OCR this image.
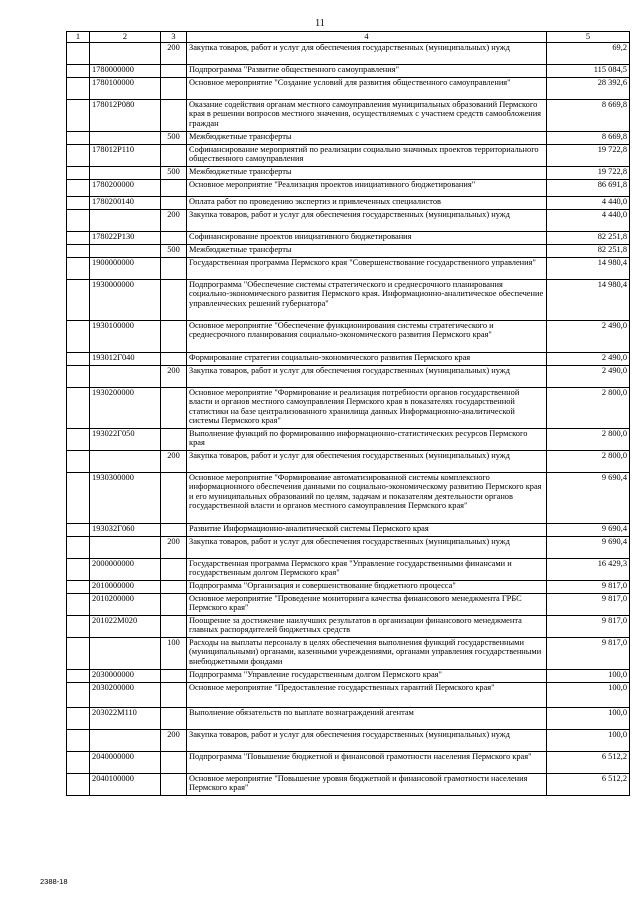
11
1	2	3	4	5
		200	Закупка товаров, работ и услуг для обеспечения государственных (муниципальных) нужд	69,2
	1780000000		Подпрограмма "Развитие общественного самоуправления"	115 084,5
	1780100000		Основное мероприятие "Создание условий для развития общественного самоуправления"	28 392,6
	178012P080		Оказание содействия органам местного самоуправления муниципальных образований Пермского края в решении вопросов местного значения, осуществляемых с участием средств самообложения граждан	8 669,8
		500	Межбюджетные трансферты	8 669,8
	178012P110		Софинансирование мероприятий по реализации социально значимых проектов территориального общественного самоуправления	19 722,8
		500	Межбюджетные трансферты	19 722,8
	1780200000		Основное мероприятие "Реализация проектов инициативного бюджетирования"	86 691,8
	1780200140		Оплата работ по проведению экспертиз и привлеченных специалистов	4 440,0
		200	Закупка товаров, работ и услуг для обеспечения государственных (муниципальных) нужд	4 440,0
	178022P130		Софинансирование проектов инициативного бюджетирования	82 251,8
		500	Межбюджетные трансферты	82 251,8
	1900000000		Государственная программа Пермского края "Совершенствование государственного управления"	14 980,4
	1930000000		Подпрограмма "Обеспечение системы стратегического и среднесрочного планирования социально-экономического развития Пермского края. Информационно-аналитическое обеспечение управленческих решений губернатора"	14 980,4
	1930100000		Основное мероприятие "Обеспечение функционирования системы стратегического и среднесрочного планирования социально-экономического развития Пермского края"	2 490,0
	193012Г040		Формирование стратегии социально-экономического развития Пермского края	2 490,0
		200	Закупка товаров, работ и услуг для обеспечения государственных (муниципальных) нужд	2 490,0
	1930200000		Основное мероприятие "Формирование и реализация потребности органов государственной власти и органов местного самоуправления Пермского края в показателях государственной статистики на базе централизованного хранилища данных Информационно-аналитической системы Пермского края"	2 800,0
	193022Г050		Выполнение функций по формированию информационно-статистических ресурсов Пермского края	2 800,0
		200	Закупка товаров, работ и услуг для обеспечения государственных (муниципальных) нужд	2 800,0
	1930300000		Основное мероприятие "Формирование автоматизированной системы комплексного информационного обеспечения данными по социально-экономическому развитию Пермского края и его муниципальных образований по целям, задачам и показателям деятельности органов государственной власти и органов местного самоуправления Пермского края"	9 690,4
	193032Г060		Развитие Информационно-аналитической системы Пермского края	9 690,4
		200	Закупка товаров, работ и услуг для обеспечения государственных (муниципальных) нужд	9 690,4
	2000000000		Государственная программа Пермского края "Управление государственными финансами и государственным долгом Пермского края"	16 429,3
	2010000000		Подпрограмма "Организация и совершенствование бюджетного процесса"	9 817,0
	2010200000		Основное мероприятие "Проведение мониторинга качества финансового менеджмента ГРБС Пермского края"	9 817,0
	201022M020		Поощрение за достижение наилучших результатов в организации финансового менеджмента главных распорядителей бюджетных средств	9 817,0
		100	Расходы на выплаты персоналу в целях обеспечения выполнения функций государственными (муниципальными) органами, казенными учреждениями, органами управления государственными внебюджетными фондами	9 817,0
	2030000000		Подпрограмма "Управление государственным долгом Пермского края"	100,0
	2030200000		Основное мероприятие "Предоставление государственных гарантий Пермского края"	100,0
	203022M110		Выполнение обязательств по выплате вознаграждений агентам	100,0
		200	Закупка товаров, работ и услуг для обеспечения государственных (муниципальных) нужд	100,0
	2040000000		Подпрограмма "Повышение бюджетной и финансовой грамотности населения Пермского края"	6 512,2
	2040100000		Основное мероприятие "Повышение уровня бюджетной и финансовой грамотности населения Пермского края"	6 512,2
2388-18
